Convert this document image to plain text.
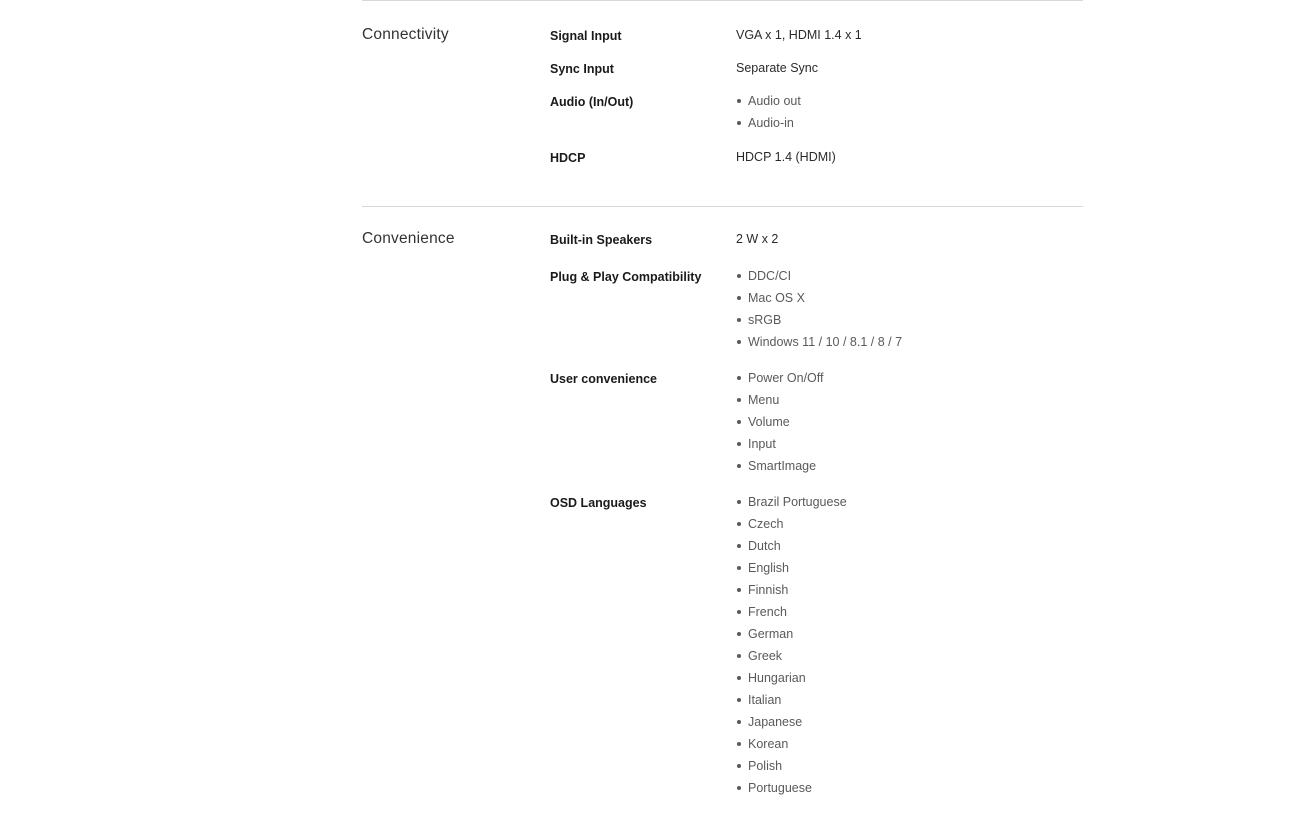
Connectivity	Signal Input	VGA x 1, HDMI 1.4 x 1
Sync Input	Separate Sync
Audio (In/Out)	Audio out
Audio-in
HDCP	HDCP 1.4 (HDMI)
Convenience	Built-in Speakers	2 W x 2
Plug & Play Compatibility	DDC/CI
Mac OS X
sRGB
Windows 11 / 10 / 8.1 / 8 / 7
User convenience	Power On/Off
Menu
Volume
Input
SmartImage
OSD Languages	Brazil Portuguese
Czech
Dutch
English
Finnish
French
German
Greek
Hungarian
Italian
Japanese
Korean
Polish
Portuguese
